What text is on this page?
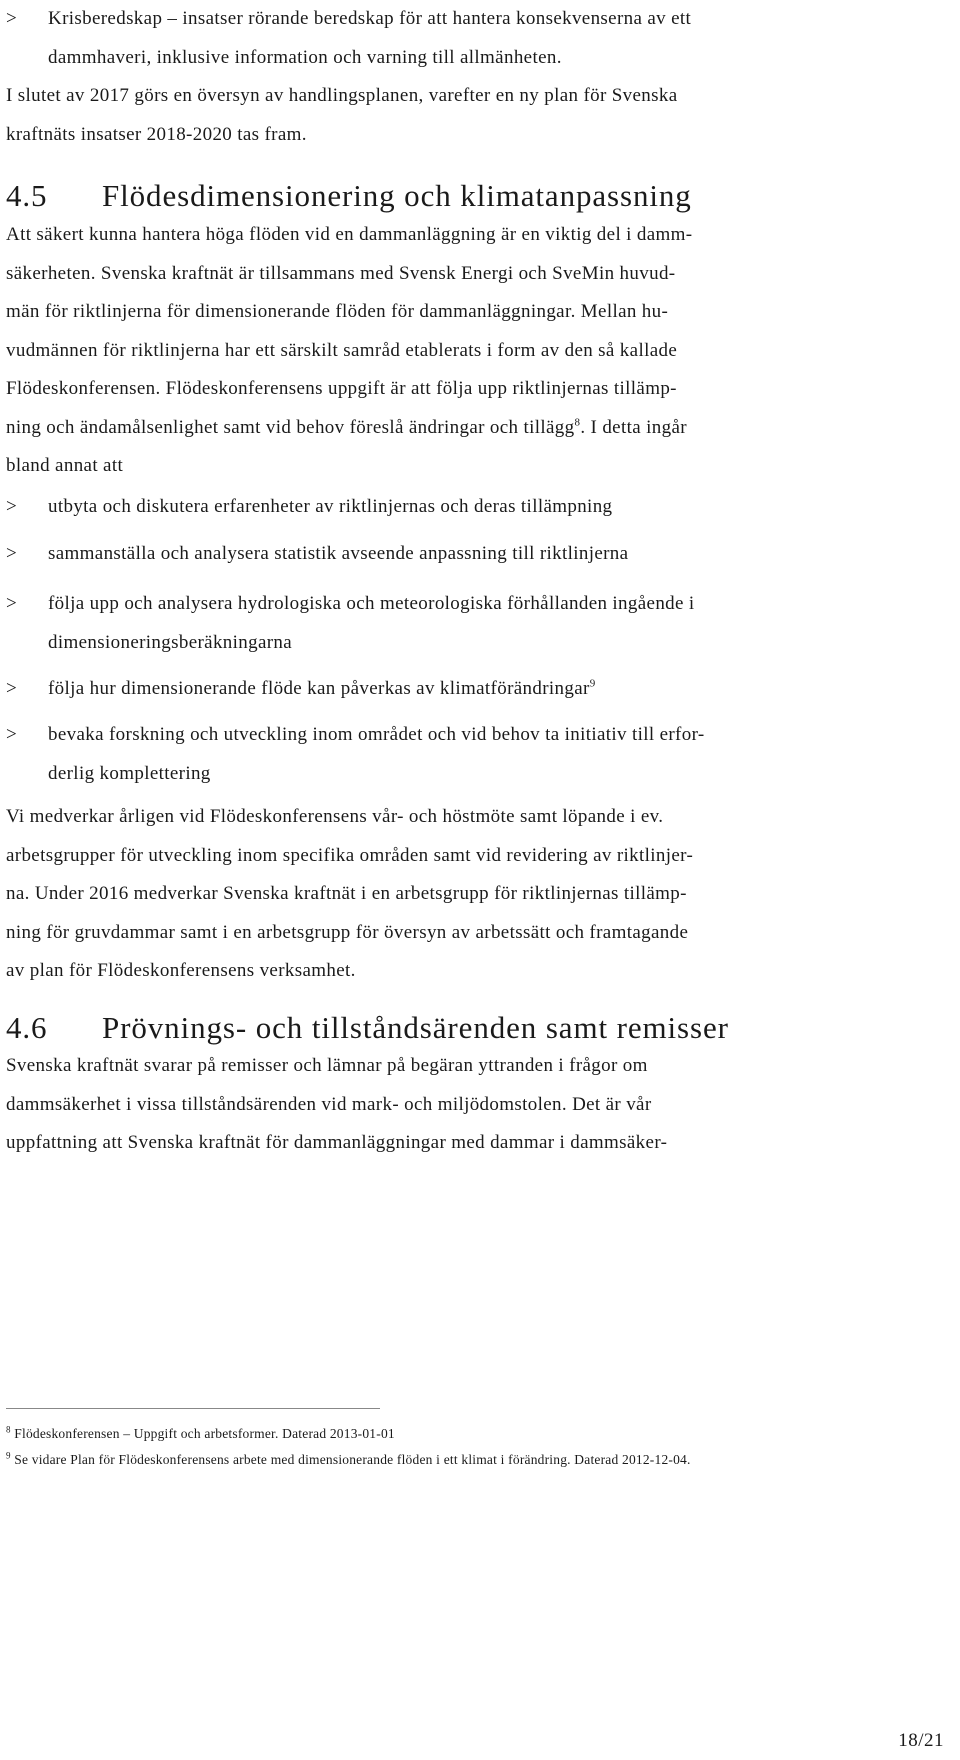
>	Krisberedskap – insatser rörande beredskap för att hantera konsekvenserna av ett
dammhaveri, inklusive information och varning till allmänheten.
I slutet av 2017 görs en översyn av handlingsplanen, varefter en ny plan för Svenska
kraftnäts insatser 2018-2020 tas fram.
4.5	Flödesdimensionering och klimatanpassning
Att säkert kunna hantera höga flöden vid en dammanläggning är en viktig del i damm-
säkerheten. Svenska kraftnät är tillsammans med Svensk Energi och SveMin huvud-
män för riktlinjerna för dimensionerande flöden för dammanläggningar. Mellan hu-
vudmännen för riktlinjerna har ett särskilt samråd etablerats i form av den så kallade
Flödeskonferensen. Flödeskonferensens uppgift är att följa upp riktlinjernas tillämp-
ning och ändamålsenlighet samt vid behov föreslå ändringar och tillägg$^8$. I detta ingår
bland annat att
>	utbyta och diskutera erfarenheter av riktlinjernas och deras tillämpning
>	sammanställa och analysera statistik avseende anpassning till riktlinjerna
>	följa upp och analysera hydrologiska och meteorologiska förhållanden ingående i
dimensioneringsberäkningarna
>	följa hur dimensionerande flöde kan påverkas av klimatförändringar$^9$
>	bevaka forskning och utveckling inom området och vid behov ta initiativ till erfor-
derlig komplettering
Vi medverkar årligen vid Flödeskonferensens vår- och höstmöte samt löpande i ev.
arbetsgrupper för utveckling inom specifika områden samt vid revidering av riktlinjer-
na. Under 2016 medverkar Svenska kraftnät i en arbetsgrupp för riktlinjernas tillämp-
ning för gruvdammar samt i en arbetsgrupp för översyn av arbetssätt och framtagande
av plan för Flödeskonferensens verksamhet.
4.6	Prövnings- och tillståndsärenden samt remisser
Svenska kraftnät svarar på remisser och lämnar på begäran yttranden i frågor om
dammsäkerhet i vissa tillståndsärenden vid mark- och miljödomstolen. Det är vår
uppfattning att Svenska kraftnät för dammanläggningar med dammar i dammsäker-
$^8$ Flödeskonferensen – Uppgift och arbetsformer. Daterad 2013-01-01
$^9$ Se vidare Plan för Flödeskonferensens arbete med dimensionerande flöden i ett klimat i förändring. Daterad 2012-12-04.
18/21
